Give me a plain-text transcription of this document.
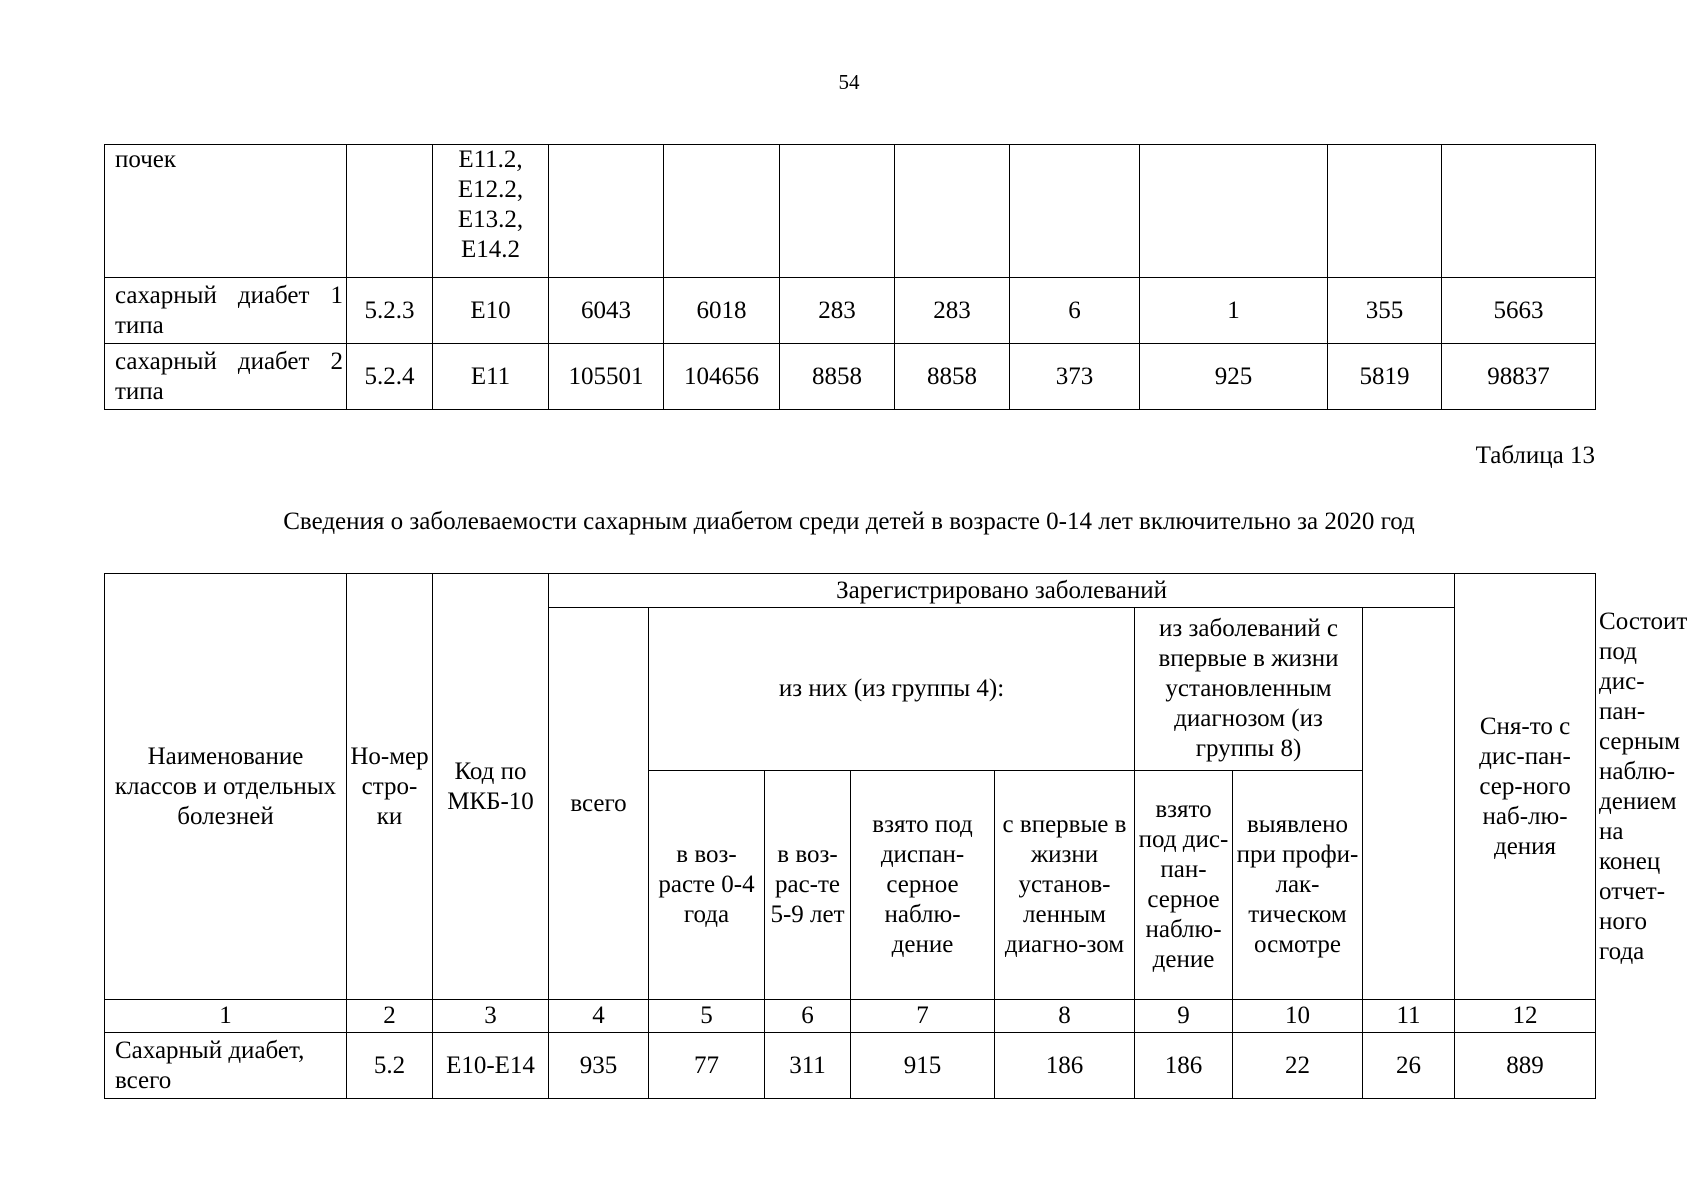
54
почек		E11.2, E12.2, E13.2, E14.2								
сахарный диабет 1 типа	5.2.3	E10	6043	6018	283	283	6	1	355	5663
сахарный диабет 2 типа	5.2.4	E11	105501	104656	8858	8858	373	925	5819	98837
Таблица 13
Сведения о заболеваемости сахарным диабетом среди детей в возрасте 0-14 лет включительно за 2020 год
Наименование классов и отдельных болезней	Но-мер стро-ки	Код по МКБ-10	Зарегистрировано заболеваний								Сня-то с дис-пан-сер-ного наб-лю-дения	Состоит под дис-пан-серным наблю-дением на конец отчет-ного года
			всего	из них (из группы 4):				из заболеваний с впервые в жизни установленным диагнозом (из группы 8)				
				в воз-расте 0-4 года	в воз-рас-те 5-9 лет	взято под диспан-серное наблю-дение	с впервые в жизни установ-ленным диагно-зом	взято под дис-пан-серное наблю-дение	выявлено при профи-лак-тическом осмотре			
1	2	3	4	5	6	7	8	9	10	11	12	
Сахарный диабет, всего	5.2	E10-E14	935	77	311	915	186	186	22	26	889	
